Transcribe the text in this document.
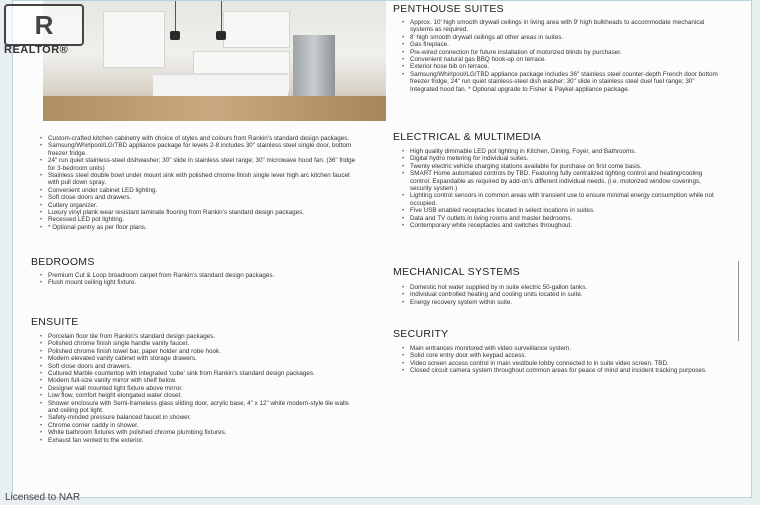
• Custom-crafted kitchen cabinetry with choice of styles and colours from Rankin's standard design packages.
• Samsung/Whirlpool/LG/TBD appliance package for levels 2-8 includes 30" stainless steel single door, bottom freezer fridge.
• 24" run quiet stainless-steel dishwasher; 30" slide in stainless steel range; 30" microwave hood fan. (36" fridge for 3-bedroom units)
• Stainless steel double bowl under mount sink with polished chrome finish single lever high arc kitchen faucet with pull down spray.
• Convenient under cabinet LED lighting.
• Soft close doors and drawers.
• Cutlery organizer.
• Luxury vinyl plank wear resistant laminate flooring from Rankin's standard design packages.
• Recessed LED pot lighting.
• * Optional pantry as per floor plans.
BEDROOMS
• Premium Cut & Loop broadloom carpet from Rankin's standard design packages.
• Flush mount ceiling light fixture.
ENSUITE
• Porcelain floor tile from Rankin's standard design packages.
• Polished chrome finish single handle vanity faucet.
• Polished chrome finish towel bar, paper holder and robe hook.
• Modern elevated vanity cabinet with storage drawers.
• Soft close doors and drawers.
• Cultured Marble countertop with integrated 'cube' sink from Rankin's standard design packages.
• Modern full-size vanity mirror with shelf below.
• Designer wall mounted light fixture above mirror.
• Low flow, comfort height elongated water closet.
• Shower enclosure with Semi-frameless glass sliding door, acrylic base, 4" x 12" white modern-style tile walls and ceiling pot light.
• Safety-minded pressure balanced faucet in shower.
• Chrome corner caddy in shower.
• White bathroom fixtures with polished chrome plumbing fixtures.
• Exhaust fan vented to the exterior.
PENTHOUSE SUITES
• Approx. 10' high smooth drywall ceilings in living area with 9' high bulkheads to accommodate mechanical systems as required.
• 8' high smooth drywall ceilings all other areas in suites.
• Gas fireplace.
• Pre-wired connection for future installation of motorized blinds by purchaser.
• Convenient natural gas BBQ hook-up on terrace.
• Exterior hose bib on terrace.
• Samsung/Whirlpool/LG/TBD appliance package includes 36" stainless steel counter-depth French door bottom freezer fridge, 24" run quiet stainless-steel dish washer; 30" slide in stainless steel duel fuel range; 30" Integrated hood fan. * Optional upgrade to Fisher & Paykel appliance package.
ELECTRICAL & MULTIMEDIA
• High quality dimmable LED pot lighting in Kitchen, Dining, Foyer, and Bathrooms.
• Digital hydro metering for individual suites.
• Twenty electric vehicle charging stations available for purchase on first come basis.
• SMART Home automated controls by TBD. Featuring fully centralized lighting control and heating/cooling control. Expandable as required by add-on's different individual needs. (i.e. motorized window coverings, security system.)
• Lighting control sensors in common areas with transient use to ensure minimal energy consumption while not occupied.
• Five USB enabled receptacles located in select locations in suites.
• Data and TV outlets in living rooms and master bedrooms.
• Contemporary white receptacles and switches throughout.
MECHANICAL SYSTEMS
• Domestic hot water supplied by in suite electric 50-gallon tanks.
• Individual controlled heating and cooling units located in suite.
• Energy recovery system within suite.
SECURITY
• Main entrances monitored with video surveillance system.
• Solid core entry door with keypad access.
• Video screen access control in main vestibule lobby connected to in suite video screen. TBD.
• Closed circuit camera system throughout common areas for peace of mind and incident tracking purposes.
R
REALTOR®
Licensed to NAR
